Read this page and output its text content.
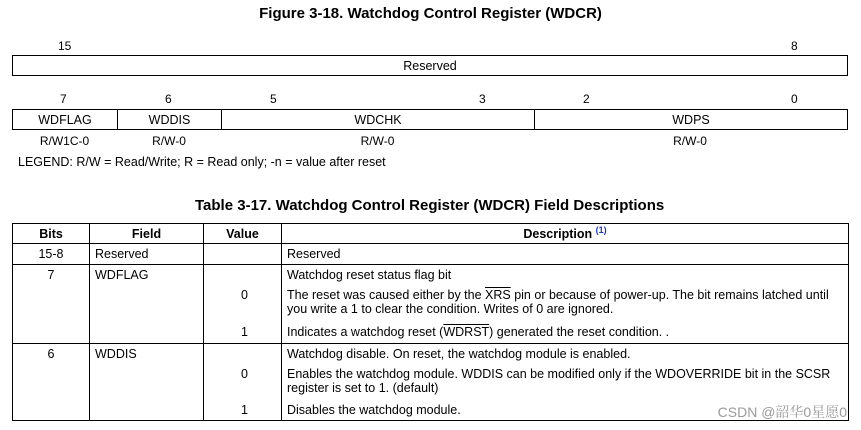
Figure 3-18. Watchdog Control Register (WDCR)
15	8
Reserved
7	6	5	3	2	0
WDFLAG	WDDIS	WDCHK	WDPS
R/W1C-0	R/W-0	R/W-0	R/W-0
LEGEND: R/W = Read/Write; R = Read only; -n = value after reset
Table 3-17. Watchdog Control Register (WDCR) Field Descriptions
Bits	Field	Value	Description $^{(1)}$
15-8	Reserved		Reserved
7	WDFLAG		Watchdog reset status flag bit
		0	The reset was caused either by the $\overline{XRS}$ pin or because of power-up. The bit remains latched until you write a 1 to clear the condition. Writes of 0 are ignored.
		1	Indicates a watchdog reset (WDRST) generated the reset condition. .
6	WDDIS		Watchdog disable. On reset, the watchdog module is enabled.
		0	Enables the watchdog module. WDDIS can be modified only if the WDOVERRIDE bit in the SCSR register is set to 1. (default)
		1	Disables the watchdog module.	CSDN @韶华0星愿0
